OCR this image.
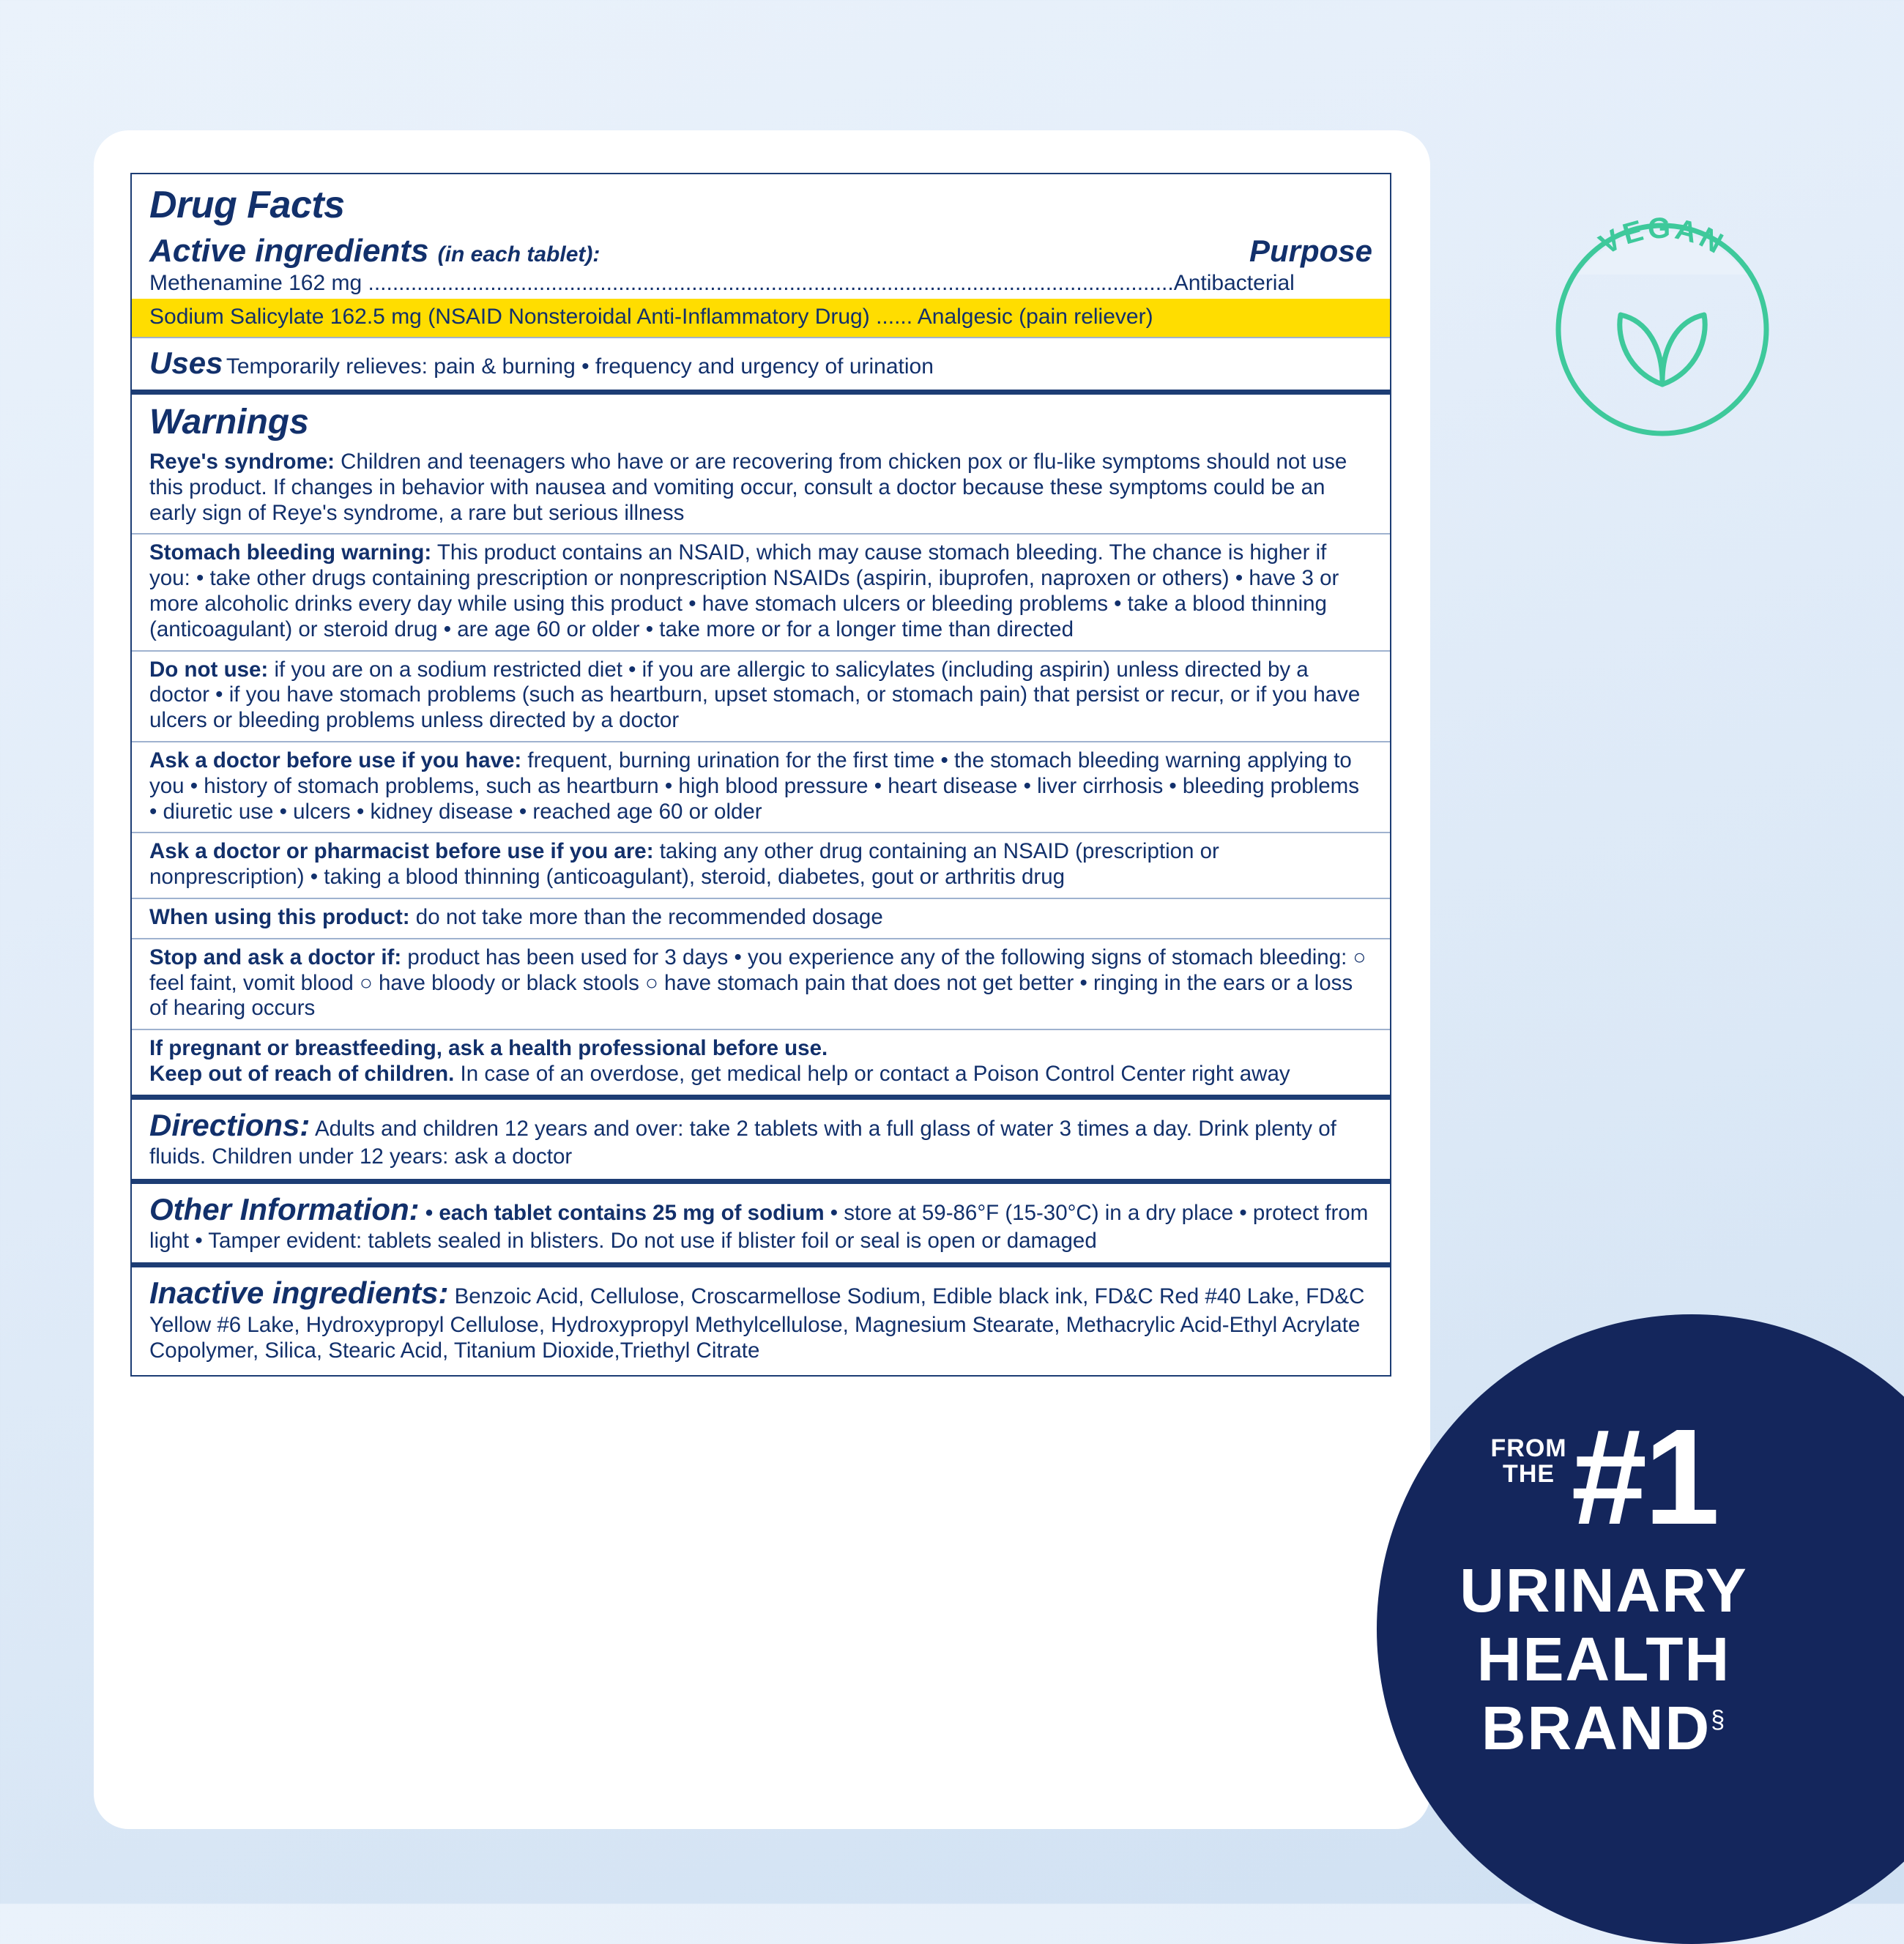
Drug Facts
Active ingredients (in each tablet):	Purpose
Methenamine 162 mg ....................................................................................................................................Antibacterial
Sodium Salicylate 162.5 mg (NSAID Nonsteroidal Anti-Inflammatory Drug) ...... Analgesic (pain reliever)
Uses Temporarily relieves: pain & burning • frequency and urgency of urination
Warnings
Reye's syndrome: Children and teenagers who have or are recovering from chicken pox or flu-like symptoms should not use this product. If changes in behavior with nausea and vomiting occur, consult a doctor because these symptoms could be an early sign of Reye's syndrome, a rare but serious illness
Stomach bleeding warning: This product contains an NSAID, which may cause stomach bleeding. The chance is higher if you: • take other drugs containing prescription or nonprescription NSAIDs (aspirin, ibuprofen, naproxen or others) • have 3 or more alcoholic drinks every day while using this product • have stomach ulcers or bleeding problems • take a blood thinning (anticoagulant) or steroid drug • are age 60 or older • take more or for a longer time than directed
Do not use: if you are on a sodium restricted diet • if you are allergic to salicylates (including aspirin) unless directed by a doctor • if you have stomach problems (such as heartburn, upset stomach, or stomach pain) that persist or recur, or if you have ulcers or bleeding problems unless directed by a doctor
Ask a doctor before use if you have: frequent, burning urination for the first time • the stomach bleeding warning applying to you • history of stomach problems, such as heartburn • high blood pressure • heart disease • liver cirrhosis • bleeding problems • diuretic use • ulcers • kidney disease • reached age 60 or older
Ask a doctor or pharmacist before use if you are: taking any other drug containing an NSAID (prescription or nonprescription) • taking a blood thinning (anticoagulant), steroid, diabetes, gout or arthritis drug
When using this product: do not take more than the recommended dosage
Stop and ask a doctor if: product has been used for 3 days • you experience any of the following signs of stomach bleeding: ○ feel faint, vomit blood ○ have bloody or black stools ○ have stomach pain that does not get better • ringing in the ears or a loss of hearing occurs
If pregnant or breastfeeding, ask a health professional before use.
Keep out of reach of children. In case of an overdose, get medical help or contact a Poison Control Center right away
Directions: Adults and children 12 years and over: take 2 tablets with a full glass of water 3 times a day. Drink plenty of fluids. Children under 12 years: ask a doctor
Other Information: • each tablet contains 25 mg of sodium • store at 59-86°F (15-30°C) in a dry place • protect from light • Tamper evident: tablets sealed in blisters. Do not use if blister foil or seal is open or damaged
Inactive ingredients: Benzoic Acid, Cellulose, Croscarmellose Sodium, Edible black ink, FD&C Red #40 Lake, FD&C Yellow #6 Lake, Hydroxypropyl Cellulose, Hydroxypropyl Methylcellulose, Magnesium Stearate, Methacrylic Acid-Ethyl Acrylate Copolymer, Silica, Stearic Acid, Titanium Dioxide,Triethyl Citrate
VEGAN
FROM
THE #1
URINARY
HEALTH
BRAND§
